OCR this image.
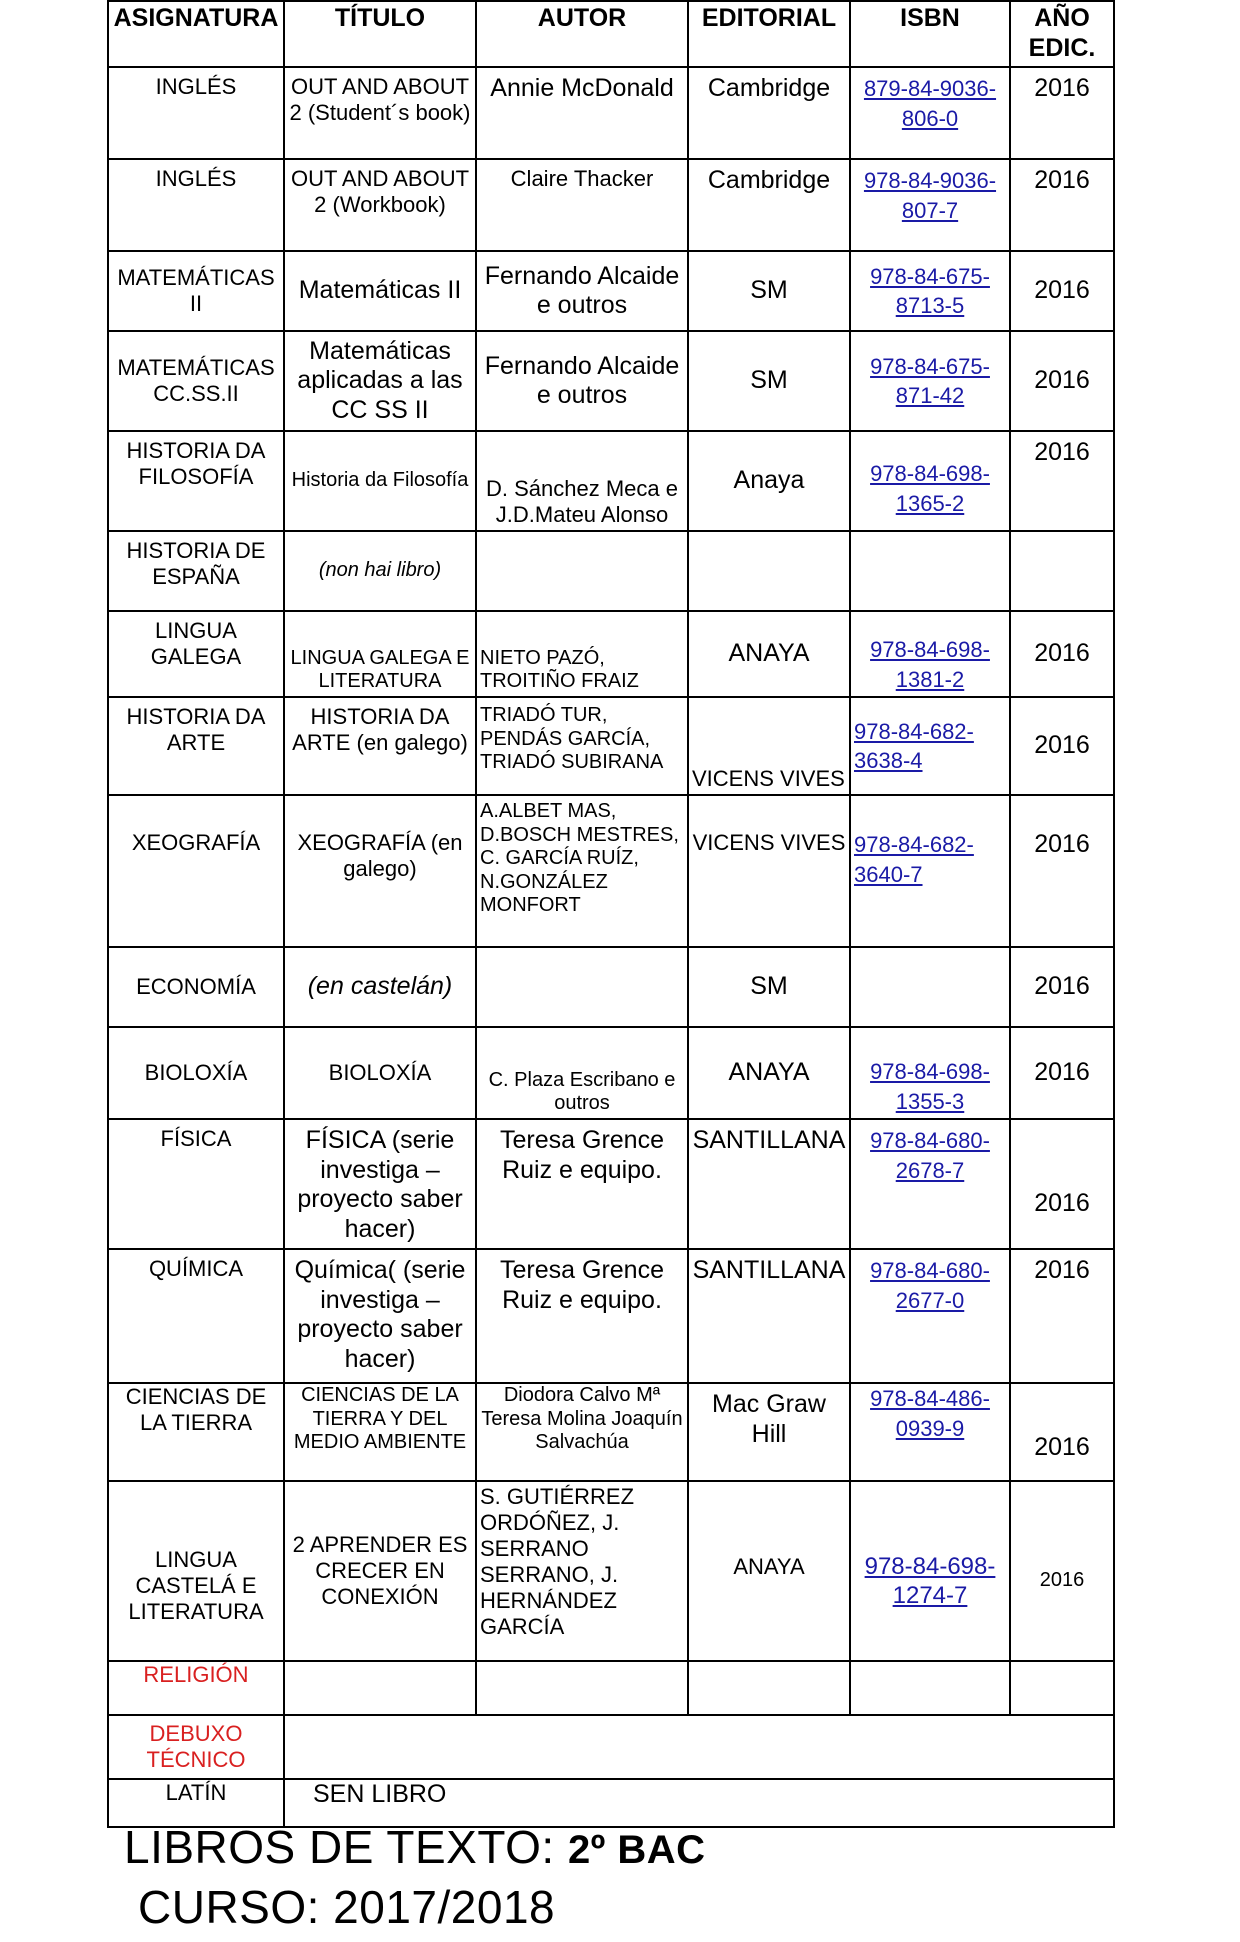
ASIGNATURA	TÍTULO	AUTOR	EDITORIAL	ISBN	AÑO EDIC.
INGLÉS	OUT AND ABOUT 2 (Student´s book)	Annie McDonald	Cambridge	879-84-9036-806-0	2016
INGLÉS	OUT AND ABOUT 2 (Workbook)	Claire Thacker	Cambridge	978-84-9036-807-7	2016
MATEMÁTICAS II	Matemáticas II	Fernando Alcaide e outros	SM	978-84-675-8713-5	2016
MATEMÁTICAS CC.SS.II	Matemáticas aplicadas a las CC SS II	Fernando Alcaide e outros	SM	978-84-675-871-42	2016
HISTORIA DA FILOSOFÍA	Historia da Filosofía	D. Sánchez Meca e J.D.Mateu Alonso	Anaya	978-84-698-1365-2	2016
HISTORIA DE ESPAÑA	(non hai libro)				
LINGUA GALEGA	LINGUA GALEGA E LITERATURA	NIETO PAZÓ, TROITIÑO FRAIZ	ANAYA	978-84-698-1381-2	2016
HISTORIA DA ARTE	HISTORIA DA ARTE (en galego)	TRIADÓ TUR, PENDÁS GARCÍA, TRIADÓ SUBIRANA	VICENS VIVES	978-84-682-3638-4	2016
XEOGRAFÍA	XEOGRAFÍA (en galego)	A.ALBET MAS, D.BOSCH MESTRES, C. GARCÍA RUÍZ, N.GONZÁLEZ MONFORT	VICENS VIVES	978-84-682-3640-7	2016
ECONOMÍA	(en castelán)		SM		2016
BIOLOXÍA	BIOLOXÍA	C. Plaza Escribano e outros	ANAYA	978-84-698-1355-3	2016
FÍSICA	FÍSICA (serie investiga – proyecto saber hacer)	Teresa Grence Ruiz e equipo.	SANTILLANA	978-84-680-2678-7	2016
QUÍMICA	Química( (serie investiga – proyecto saber hacer)	Teresa Grence Ruiz e equipo.	SANTILLANA	978-84-680-2677-0	2016
CIENCIAS DE LA TIERRA	CIENCIAS DE LA TIERRA Y DEL MEDIO AMBIENTE	Diodora Calvo Mª Teresa Molina Joaquín Salvachúa	Mac Graw Hill	978-84-486-0939-9	2016
LINGUA CASTELÁ E LITERATURA	2 APRENDER ES CRECER EN CONEXIÓN	S. GUTIÉRREZ ORDÓÑEZ, J. SERRANO SERRANO, J. HERNÁNDEZ GARCÍA	ANAYA	978-84-698-1274-7	2016
RELIGIÓN					
DEBUXO TÉCNICO					
LATÍN	SEN LIBRO				
LIBROS DE TEXTO: 2º BAC
CURSO: 2017/2018
